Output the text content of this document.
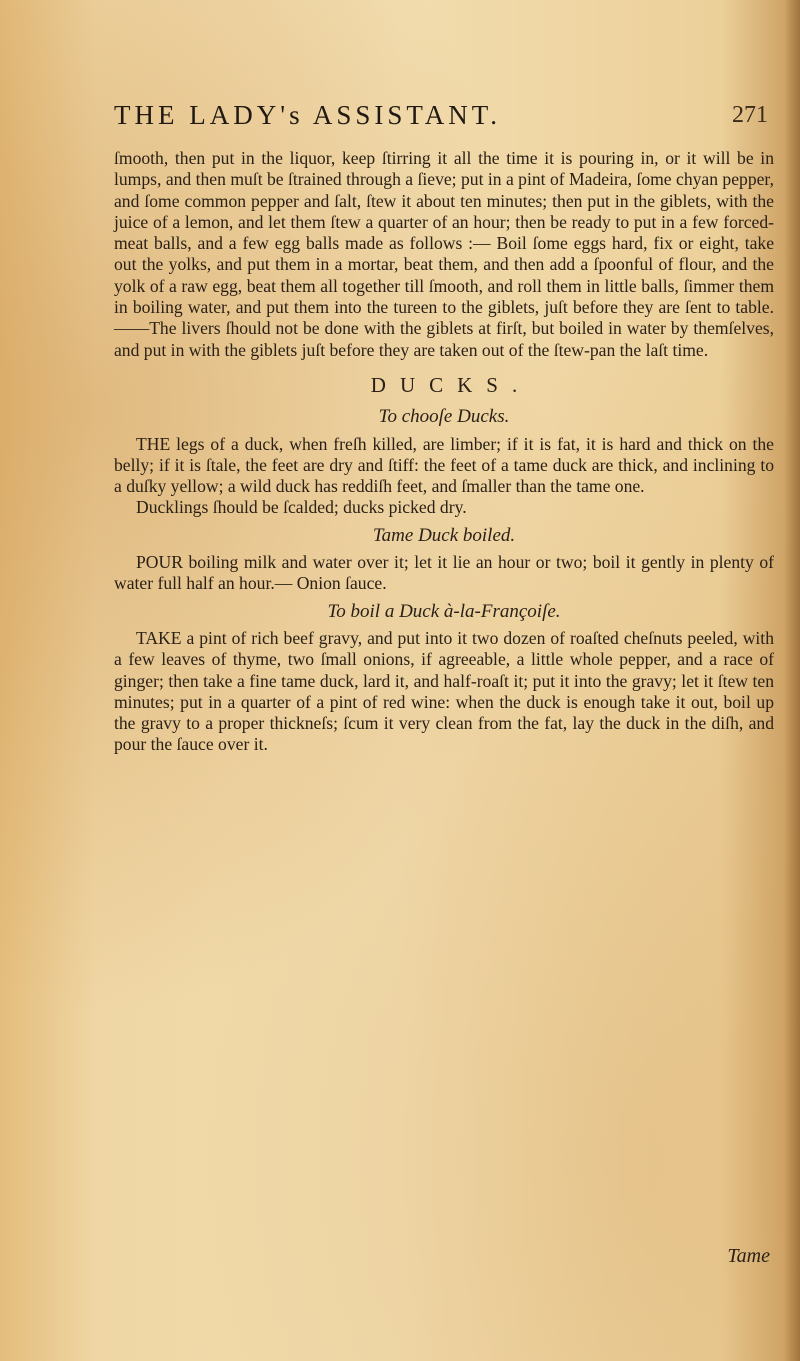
THE LADY's ASSISTANT.	271

ſmooth, then put in the liquor, keep ſtirring it all the time it is pouring in, or it will be in lumps, and then muſt be ſtrained through a ſieve; put in a pint of Madeira, ſome chyan pepper, and ſome common pepper and ſalt, ſtew it about ten minutes; then put in the giblets, with the juice of a lemon, and let them ſtew a quarter of an hour; then be ready to put in a few forced-meat balls, and a few egg balls made as follows :— Boil ſome eggs hard, fix or eight, take out the yolks, and put them in a mortar, beat them, and then add a ſpoonful of flour, and the yolk of a raw egg, beat them all together till ſmooth, and roll them in little balls, ſimmer them in boiling water, and put them into the tureen to the giblets, juſt before they are ſent to table.——The livers ſhould not be done with the giblets at firſt, but boiled in water by themſelves, and put in with the giblets juſt before they are taken out of the ſtew-pan the laſt time.

DUCKS.
To chooſe Ducks.

THE legs of a duck, when freſh killed, are limber; if it is fat, it is hard and thick on the belly; if it is ſtale, the feet are dry and ſtiff: the feet of a tame duck are thick, and inclining to a duſky yellow; a wild duck has reddiſh feet, and ſmaller than the tame one.

Ducklings ſhould be ſcalded; ducks picked dry.

Tame Duck boiled.

POUR boiling milk and water over it; let it lie an hour or two; boil it gently in plenty of water full half an hour.— Onion ſauce.

To boil a Duck à-la-Françoiſe.

TAKE a pint of rich beef gravy, and put into it two dozen of roaſted cheſnuts peeled, with a few leaves of thyme, two ſmall onions, if agreeable, a little whole pepper, and a race of ginger; then take a fine tame duck, lard it, and half-roaſt it; put it into the gravy; let it ſtew ten minutes; put in a quarter of a pint of red wine: when the duck is enough take it out, boil up the gravy to a proper thickneſs; ſcum it very clean from the fat, lay the duck in the diſh, and pour the ſauce over it.

Tame
